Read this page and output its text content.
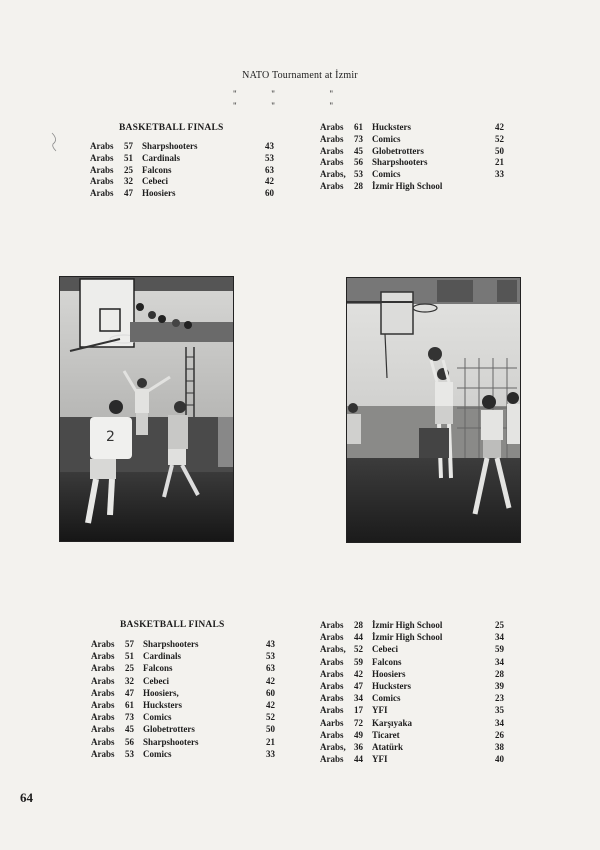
NATO Tournament at İzmir
"	"	"
"	"	"
BASKETBALL FINALS
Arabs	57	Sharpshooters	43
Arabs	51	Cardinals	53
Arabs	25	Falcons	63
Arabs	32	Cebeci	42
Arabs	47	Hoosiers	60
Arabs	61	Hucksters	42
Arabs	73	Comics	52
Arabs	45	Globetrotters	50
Arabs	56	Sharpshooters	21
Arabs,	53	Comics	33
Arabs	28	İzmir High School	
2
BASKETBALL FINALS
Arabs	57	Sharpshooters	43
Arabs	51	Cardinals	53
Arabs	25	Falcons	63
Arabs	32	Cebeci	42
Arabs	47	Hoosiers,	60
Arabs	61	Hucksters	42
Arabs	73	Comics	52
Arabs	45	Globetrotters	50
Arabs	56	Sharpshooters	21
Arabs	53	Comics	33
Arabs	28	İzmir High School	25
Arabs	44	İzmir High School	34
Arabs,	52	Cebeci	59
Arabs	59	Falcons	34
Arabs	42	Hoosiers	28
Arabs	47	Hucksters	39
Arabs	34	Comics	23
Arabs	17	YFI	35
Aarbs	72	Karşıyaka	34
Arabs	49	Ticaret	26
Arabs,	36	Atatürk	38
Arabs	44	YFI	40
64
